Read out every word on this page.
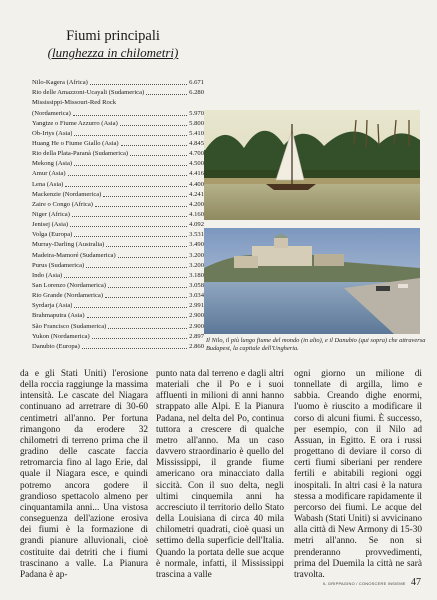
Fiumi principali
(lunghezza in chilometri)
Nilo-Kagera (Africa)	6.671
Rio delle Amazzoni-Ucayali (Sudamerica)	6.280
Mississippi-Missouri-Red Rock
(Nordamerica)	5.970
Yangtze o Fiume Azzurro (Asia)	5.800
Ob-Irtys (Asia)	5.410
Huang He o Fiume Giallo (Asia)	4.845
Rio della Plata-Paranà (Sudamerica)	4.700
Mekong (Asia)	4.500
Amur (Asia)	4.416
Lena (Asia)	4.400
Mackenzie (Nordamerica)	4.241
Zaire o Congo (Africa)	4.200
Niger (Africa)	4.160
Jenisej (Asia)	4.092
Volga (Europa)	3.531
Murray-Darling (Australia)	3.490
Madeira-Mamoré (Sudamerica)	3.200
Purus (Sudamerica)	3.200
Indo (Asia)	3.180
San Lorenzo (Nordamerica)	3.058
Rio Grande (Nordamerica)	3.034
Syrdarja (Asia)	2.991
Brahmaputra (Asia)	2.900
São Francisco (Sudamerica)	2.900
Yukon (Nordamerica)	2.897
Danubio (Europa)	2.860
Il Nilo, il più lungo fiume del mondo (in alto), e il Danubio (qui sopra) che attraversa Budapest, la capitale dell'Ungheria.
da e gli Stati Uniti) l'erosione della roccia raggiunge la massima intensità. Le cascate del Niagara continuano ad arretrare di 30-60 centimetri all'anno. Per fortuna rimangono da erodere 32 chilometri di terreno prima che il gradino delle cascate faccia retromarcia fino al lago Erie, dal quale il Niagara esce, e quindi potremo ancora godere il grandioso spettacolo almeno per cinquantamila anni... Una vistosa conseguenza dell'azione erosiva dei fiumi è la formazione di grandi pianure alluvionali, cioè costituite dai detriti che i fiumi trascinano a valle. La Pianura Padana è ap-
punto nata dal terreno e dagli altri materiali che il Po e i suoi affluenti in milioni di anni hanno strappato alle Alpi. E la Pianura Padana, nel delta del Po, continua tuttora a crescere di qualche metro all'anno. Ma un caso davvero straordinario è quello del Mississippi, il grande fiume americano ora minacciato dalla siccità. Con il suo delta, negli ultimi cinquemila anni ha accresciuto il territorio dello Stato della Louisiana di circa 40 mila chilometri quadrati, cioè quasi un settimo della superficie dell'Italia. Quando la portata delle sue acque è normale, infatti, il Mississippi trascina a valle
ogni giorno un milione di tonnellate di argilla, limo e sabbia. Creando dighe enormi, l'uomo è riuscito a modificare il corso di alcuni fiumi. È successo, per esempio, con il Nilo ad Assuan, in Egitto. E ora i russi progettano di deviare il corso di certi fiumi siberiani per rendere fertili e abitabili regioni oggi inospitali. In altri casi è la natura stessa a modificare rapidamente il percorso dei fiumi. Le acque del Wabash (Stati Uniti) si avvicinano alla città di New Armony di 15-30 metri all'anno. Se non si prenderanno provvedimenti, prima del Duemila la città ne sarà travolta.
IL GRIPPAGINO / CONOSCERE INSIEME 47
